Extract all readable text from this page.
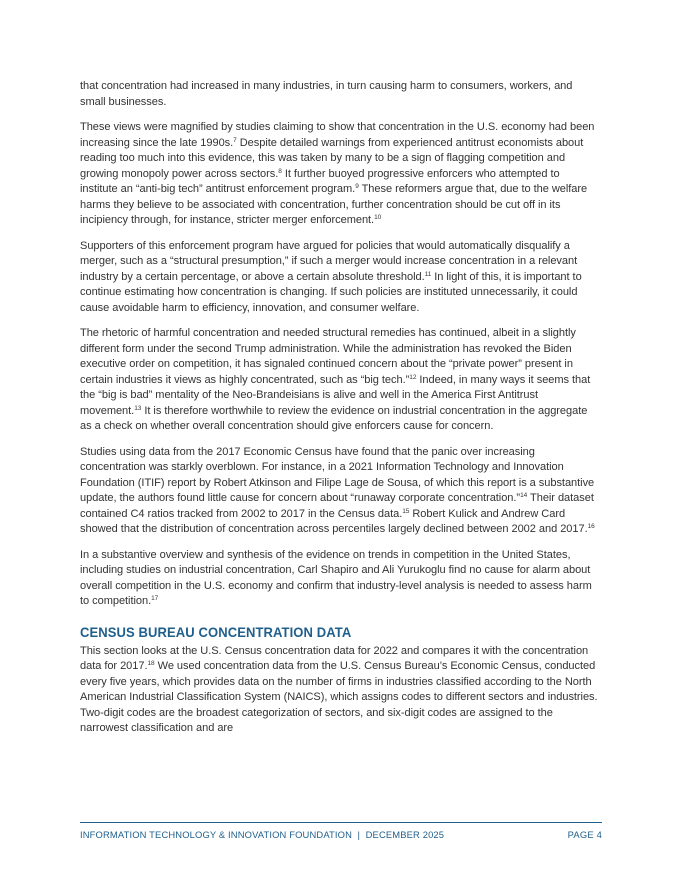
that concentration had increased in many industries, in turn causing harm to consumers, workers, and small businesses.

These views were magnified by studies claiming to show that concentration in the U.S. economy had been increasing since the late 1990s.$^7$ Despite detailed warnings from experienced antitrust economists about reading too much into this evidence, this was taken by many to be a sign of flagging competition and growing monopoly power across sectors.$^8$ It further buoyed progressive enforcers who attempted to institute an “anti-big tech” antitrust enforcement program.$^9$ These reformers argue that, due to the welfare harms they believe to be associated with concentration, further concentration should be cut off in its incipiency through, for instance, stricter merger enforcement.$^{10}$

Supporters of this enforcement program have argued for policies that would automatically disqualify a merger, such as a “structural presumption,” if such a merger would increase concentration in a relevant industry by a certain percentage, or above a certain absolute threshold.$^{11}$ In light of this, it is important to continue estimating how concentration is changing. If such policies are instituted unnecessarily, it could cause avoidable harm to efficiency, innovation, and consumer welfare.

The rhetoric of harmful concentration and needed structural remedies has continued, albeit in a slightly different form under the second Trump administration. While the administration has revoked the Biden executive order on competition, it has signaled continued concern about the “private power” present in certain industries it views as highly concentrated, such as “big tech.”$^{12}$ Indeed, in many ways it seems that the “big is bad” mentality of the Neo-Brandeisians is alive and well in the America First Antitrust movement.$^{13}$ It is therefore worthwhile to review the evidence on industrial concentration in the aggregate as a check on whether overall concentration should give enforcers cause for concern.

Studies using data from the 2017 Economic Census have found that the panic over increasing concentration was starkly overblown. For instance, in a 2021 Information Technology and Innovation Foundation (ITIF) report by Robert Atkinson and Filipe Lage de Sousa, of which this report is a substantive update, the authors found little cause for concern about “runaway corporate concentration.”$^{14}$ Their dataset contained C4 ratios tracked from 2002 to 2017 in the Census data.$^{15}$ Robert Kulick and Andrew Card showed that the distribution of concentration across percentiles largely declined between 2002 and 2017.16

In a substantive overview and synthesis of the evidence on trends in competition in the United States, including studies on industrial concentration, Carl Shapiro and Ali Yurukoglu find no cause for alarm about overall competition in the U.S. economy and confirm that industry-level analysis is needed to assess harm to competition.$^{17}$

CENSUS BUREAU CONCENTRATION DATA

This section looks at the U.S. Census concentration data for 2022 and compares it with the concentration data for 2017.18 We used concentration data from the U.S. Census Bureau’s Economic Census, conducted every five years, which provides data on the number of firms in industries classified according to the North American Industrial Classification System (NAICS), which assigns codes to different sectors and industries. Two-digit codes are the broadest categorization of sectors, and six-digit codes are assigned to the narrowest classification and are

INFORMATION TECHNOLOGY & INNOVATION FOUNDATION  |  DECEMBER 2025	PAGE 4
